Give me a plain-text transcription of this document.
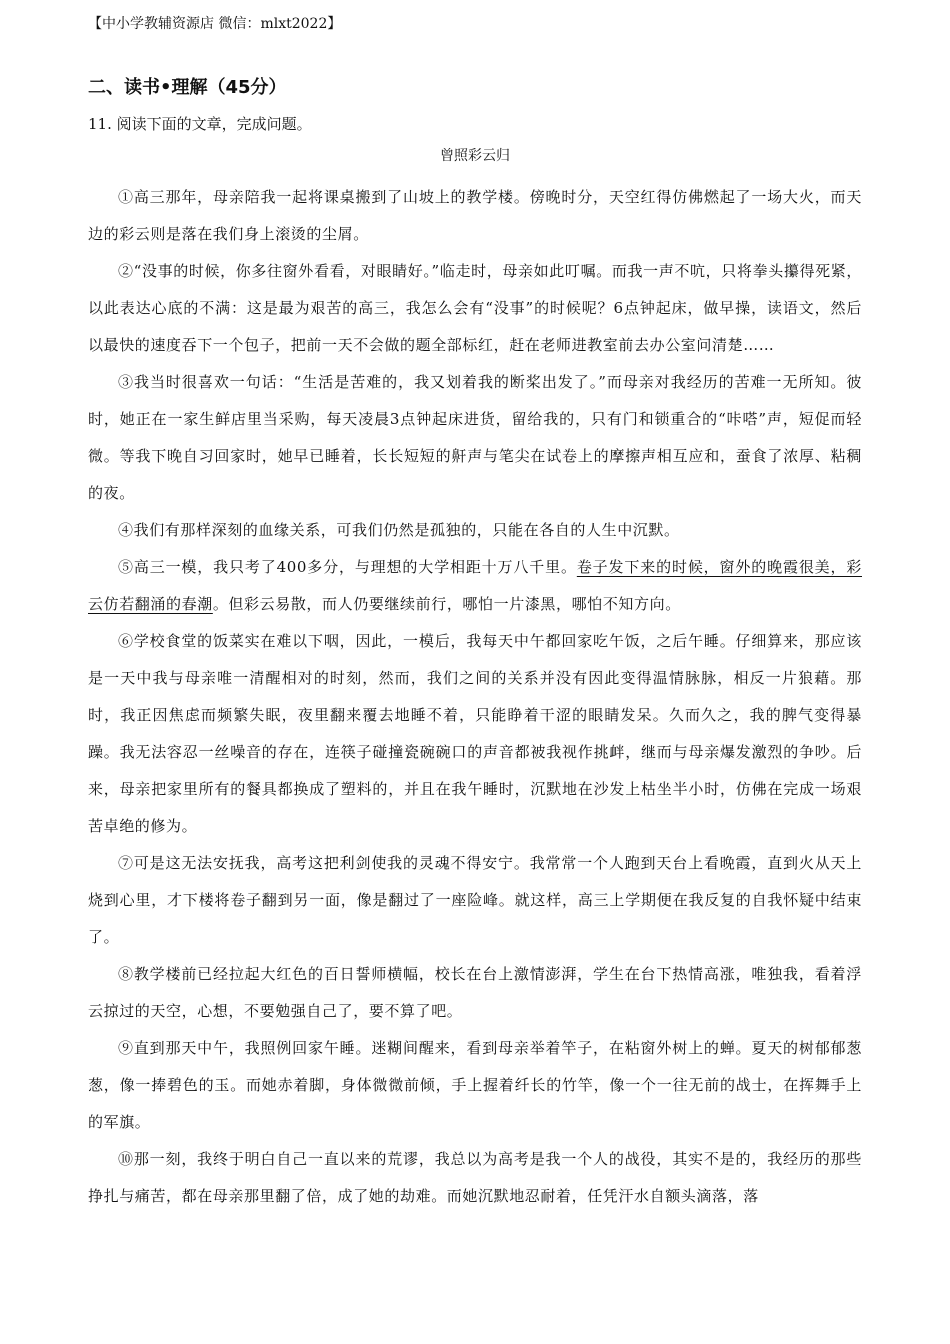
【中小学教辅资源店 微信：mlxt2022】
二、读书•理解（45分）
11. 阅读下面的文章，完成问题。
曾照彩云归

①高三那年，母亲陪我一起将课桌搬到了山坡上的教学楼。傍晚时分，天空红得仿佛燃起了一场大火，而天边的彩云则是落在我们身上滚烫的尘屑。

②“没事的时候，你多往窗外看看，对眼睛好。”临走时，母亲如此叮嘱。而我一声不吭，只将拳头攥得死紧，以此表达心底的不满：这是最为艰苦的高三，我怎么会有“没事”的时候呢？6点钟起床，做早操，读语文，然后以最快的速度吞下一个包子，把前一天不会做的题全部标红，赶在老师进教室前去办公室问清楚……

③我当时很喜欢一句话：“生活是苦难的，我又划着我的断桨出发了。”而母亲对我经历的苦难一无所知。彼时，她正在一家生鲜店里当采购，每天凌晨3点钟起床进货，留给我的，只有门和锁重合的“咔嗒”声，短促而轻微。等我下晚自习回家时，她早已睡着，长长短短的鼾声与笔尖在试卷上的摩擦声相互应和，蚕食了浓厚、粘稠的夜。

④我们有那样深刻的血缘关系，可我们仍然是孤独的，只能在各自的人生中沉默。

⑤高三一模，我只考了400多分，与理想的大学相距十万八千里。卷子发下来的时候，窗外的晚霞很美，彩云仿若翻涌的春潮。但彩云易散，而人仍要继续前行，哪怕一片漆黑，哪怕不知方向。

⑥学校食堂的饭菜实在难以下咽，因此，一模后，我每天中午都回家吃午饭，之后午睡。仔细算来，那应该是一天中我与母亲唯一清醒相对的时刻，然而，我们之间的关系并没有因此变得温情脉脉，相反一片狼藉。那时，我正因焦虑而频繁失眠，夜里翻来覆去地睡不着，只能睁着干涩的眼睛发呆。久而久之，我的脾气变得暴躁。我无法容忍一丝噪音的存在，连筷子碰撞瓷碗碗口的声音都被我视作挑衅，继而与母亲爆发激烈的争吵。后来，母亲把家里所有的餐具都换成了塑料的，并且在我午睡时，沉默地在沙发上枯坐半小时，仿佛在完成一场艰苦卓绝的修为。

⑦可是这无法安抚我，高考这把利剑使我的灵魂不得安宁。我常常一个人跑到天台上看晚霞，直到火从天上烧到心里，才下楼将卷子翻到另一面，像是翻过了一座险峰。就这样，高三上学期便在我反复的自我怀疑中结束了。

⑧教学楼前已经拉起大红色的百日誓师横幅，校长在台上激情澎湃，学生在台下热情高涨，唯独我，看着浮云掠过的天空，心想，不要勉强自己了，要不算了吧。

⑨直到那天中午，我照例回家午睡。迷糊间醒来，看到母亲举着竿子，在粘窗外树上的蝉。夏天的树郁郁葱葱，像一捧碧色的玉。而她赤着脚，身体微微前倾，手上握着纤长的竹竿，像一个一往无前的战士，在挥舞手上的军旗。

⑩那一刻，我终于明白自己一直以来的荒谬，我总以为高考是我一个人的战役，其实不是的，我经历的那些挣扎与痛苦，都在母亲那里翻了倍，成了她的劫难。而她沉默地忍耐着，任凭汗水自额头滴落，落
